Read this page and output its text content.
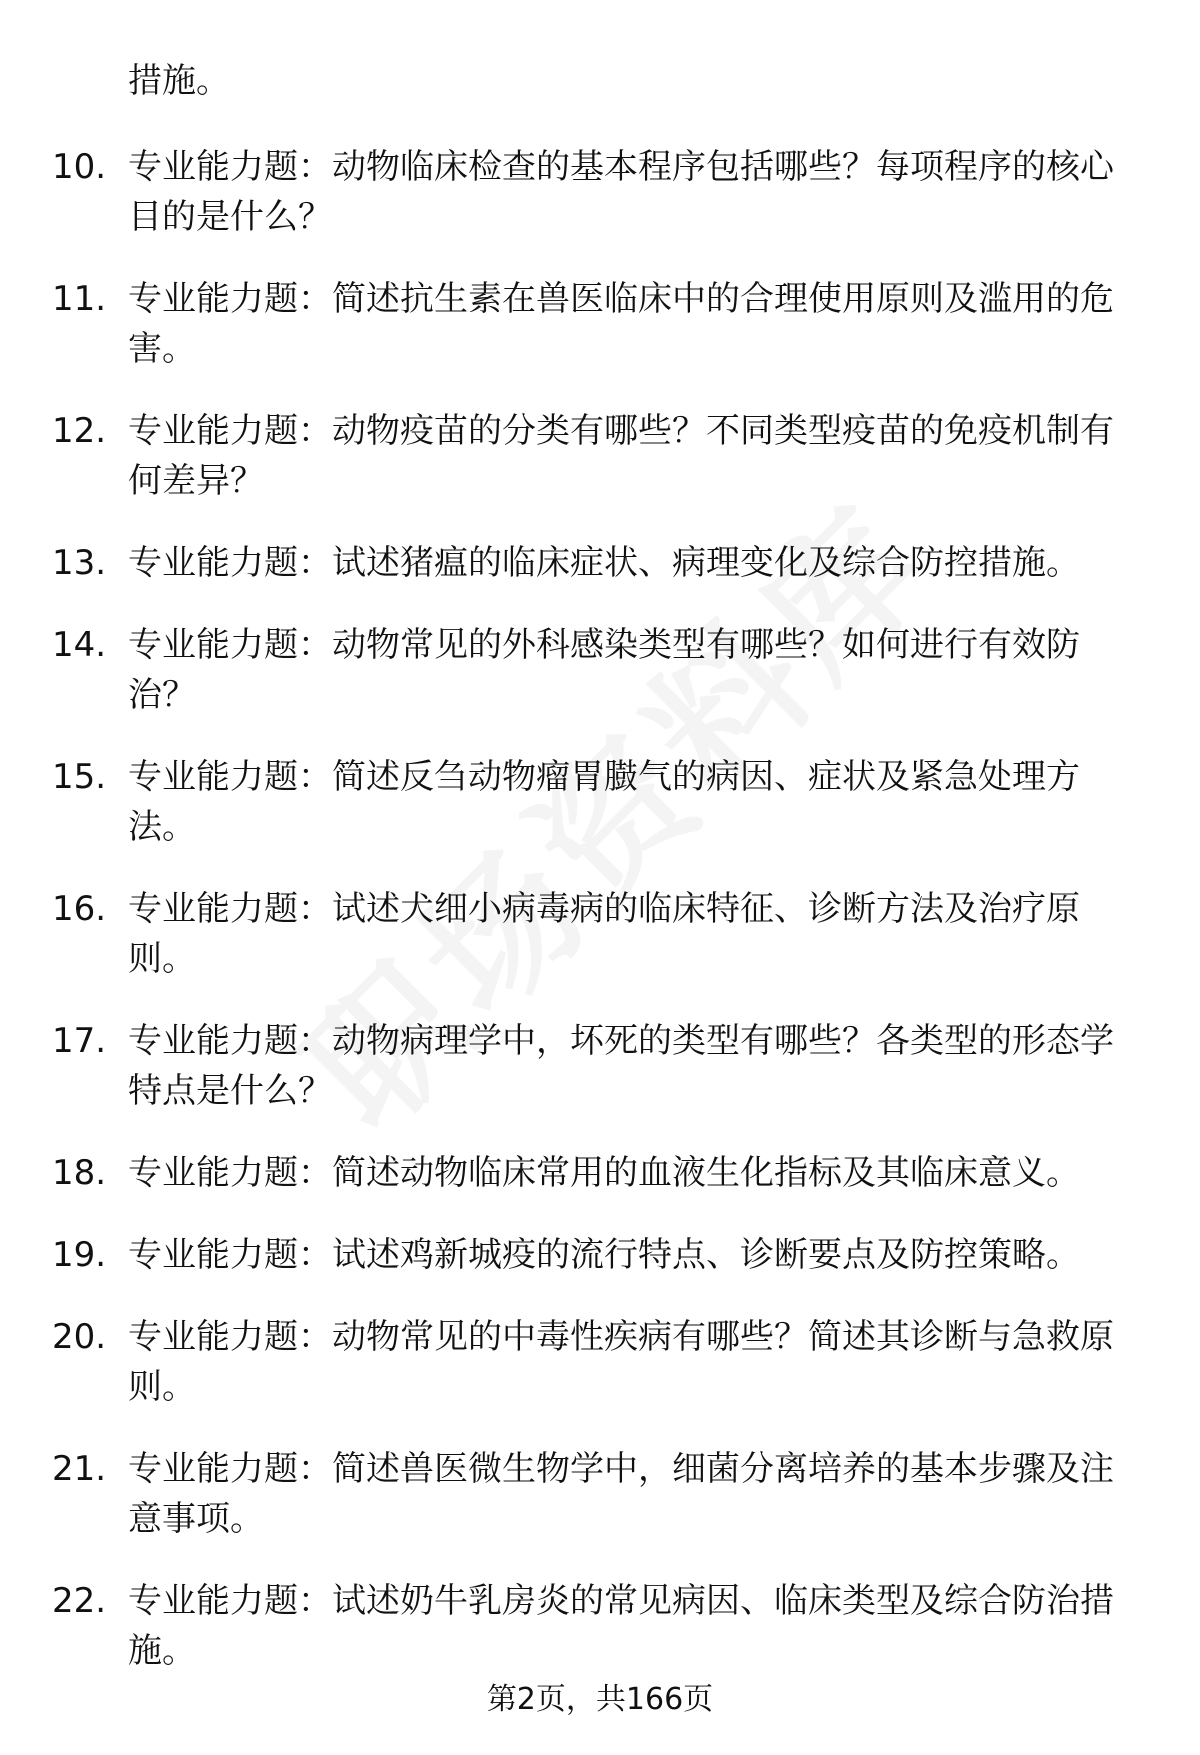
措施。

10. 专业能力题：动物临床检查的基本程序包括哪些？每项程序的核心目的是什么？
11. 专业能力题：简述抗生素在兽医临床中的合理使用原则及滥用的危害。
12. 专业能力题：动物疫苗的分类有哪些？不同类型疫苗的免疫机制有何差异？
13. 专业能力题：试述猪瘟的临床症状、病理变化及综合防控措施。
14. 专业能力题：动物常见的外科感染类型有哪些？如何进行有效防治？
15. 专业能力题：简述反刍动物瘤胃臌气的病因、症状及紧急处理方法。
16. 专业能力题：试述犬细小病毒病的临床特征、诊断方法及治疗原则。
17. 专业能力题：动物病理学中，坏死的类型有哪些？各类型的形态学特点是什么？
18. 专业能力题：简述动物临床常用的血液生化指标及其临床意义。
19. 专业能力题：试述鸡新城疫的流行特点、诊断要点及防控策略。
20. 专业能力题：动物常见的中毒性疾病有哪些？简述其诊断与急救原则。
21. 专业能力题：简述兽医微生物学中，细菌分离培养的基本步骤及注意事项。
22. 专业能力题：试述奶牛乳房炎的常见病因、临床类型及综合防治措施。
第2页，共166页
